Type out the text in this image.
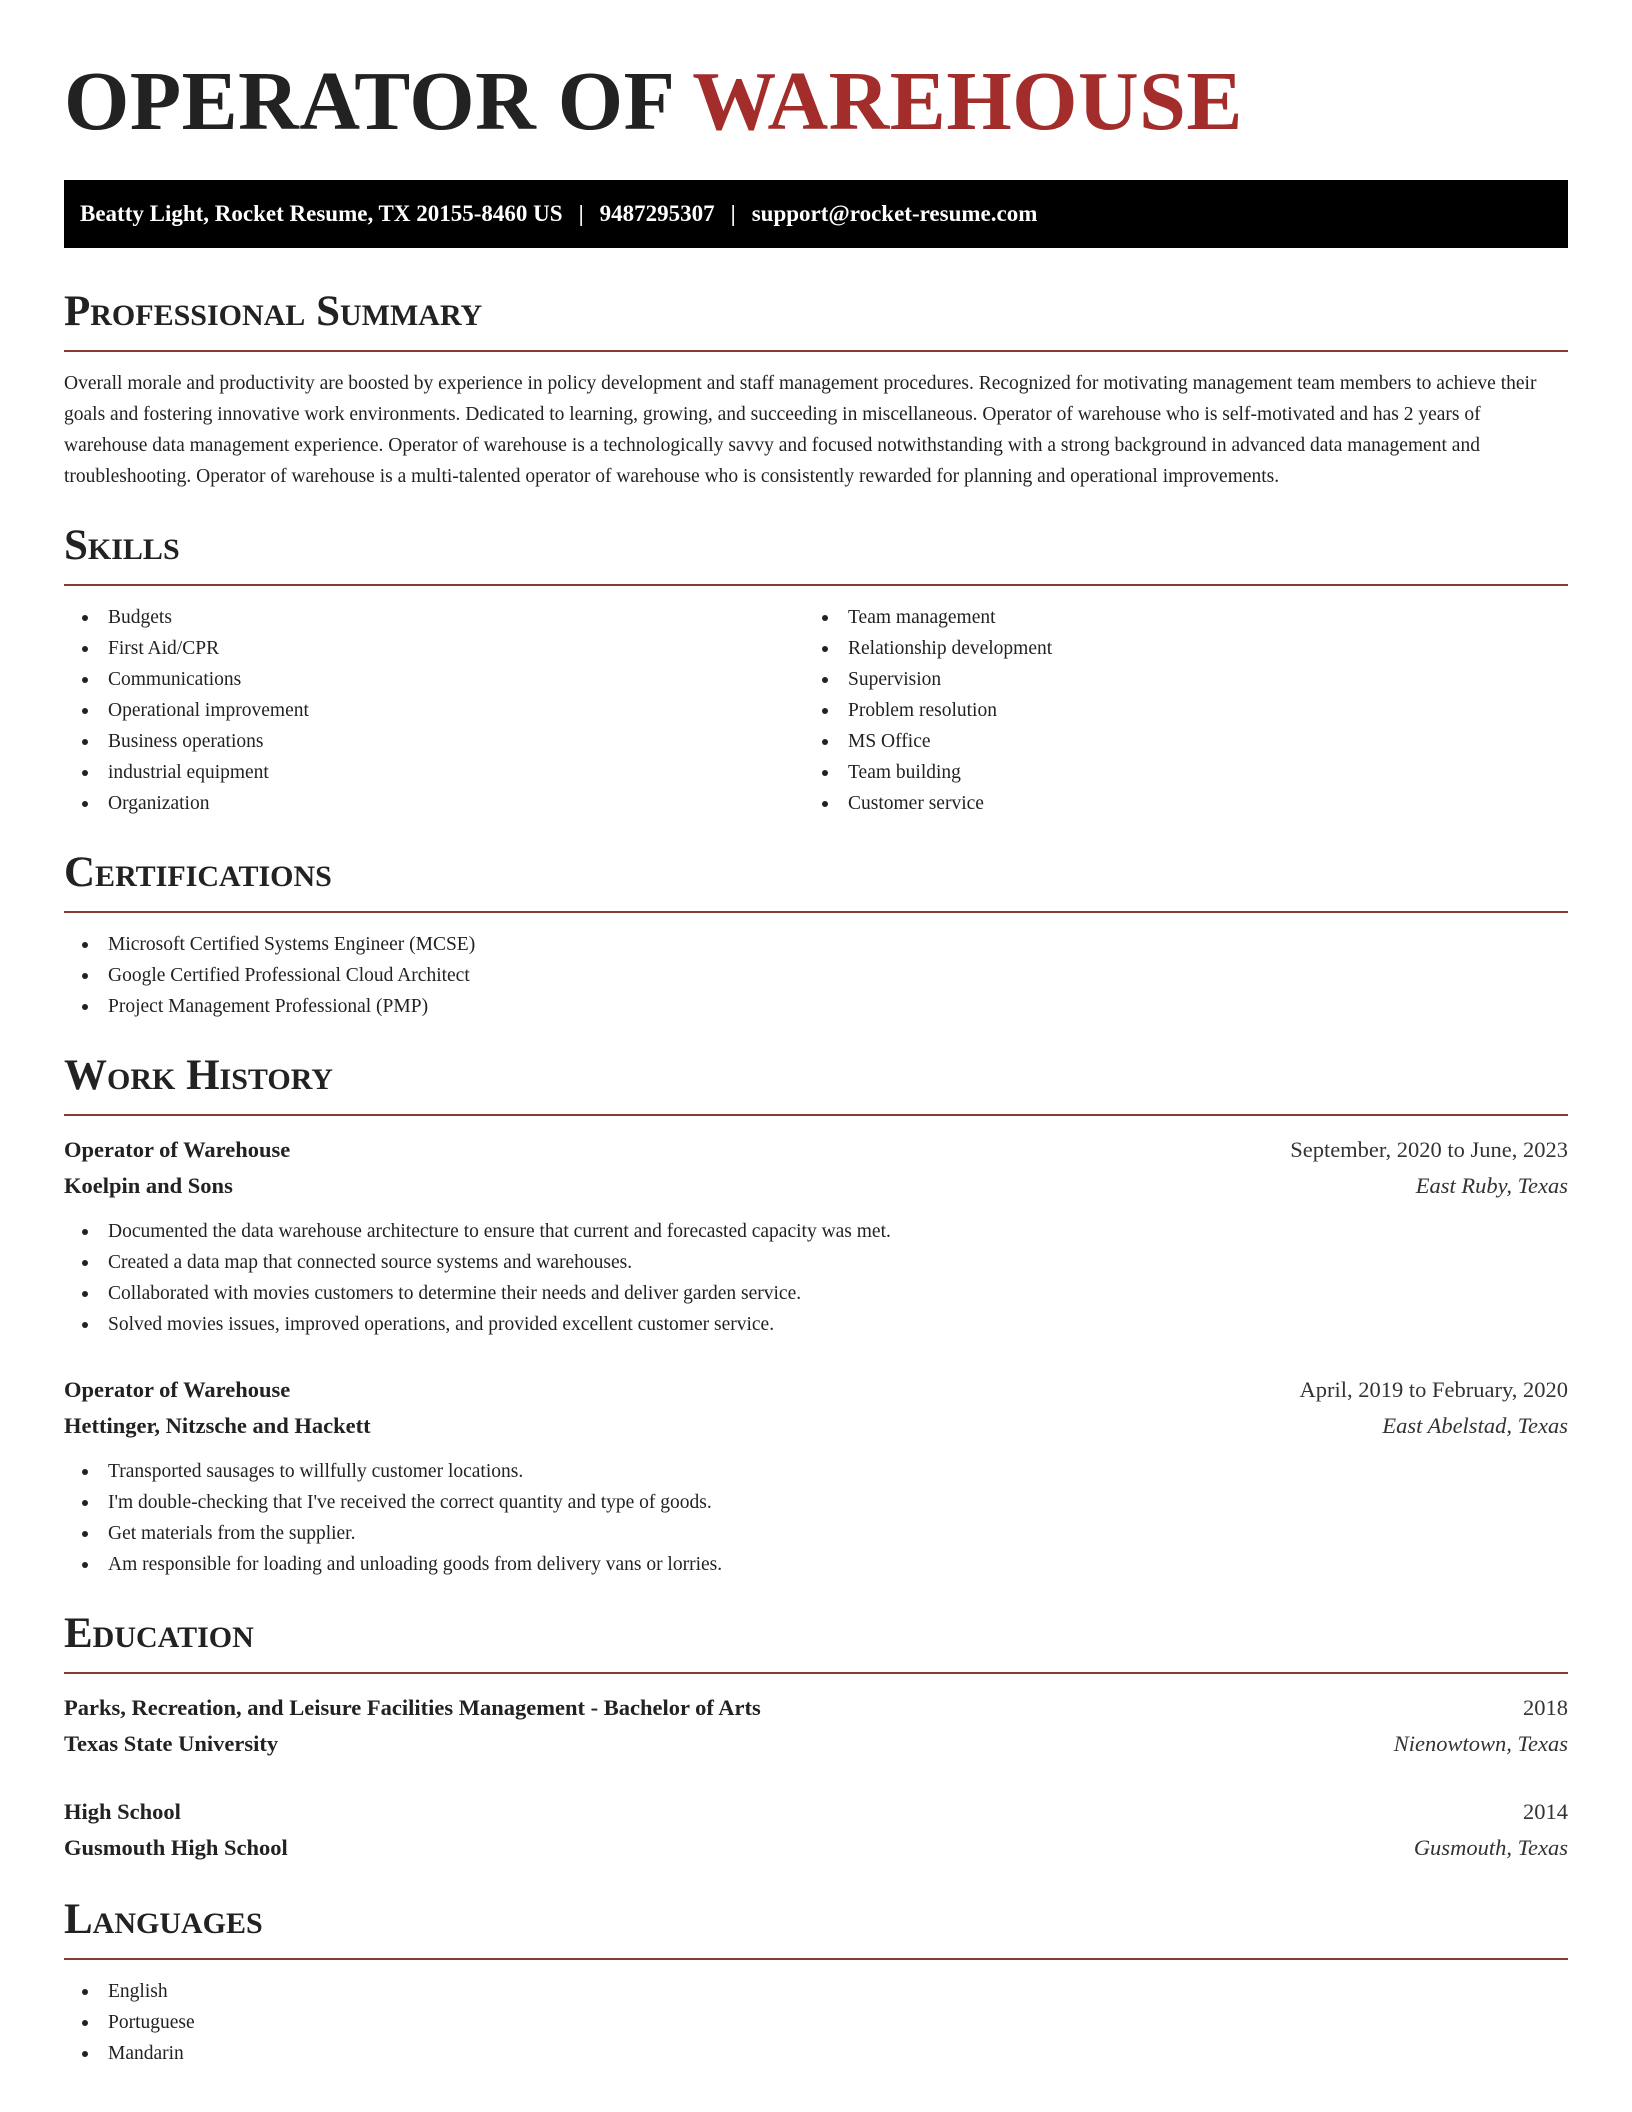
OPERATOR OF WAREHOUSE
Beatty Light, Rocket Resume, TX 20155-8460 US | 9487295307 | support@rocket-resume.com
Professional Summary

Overall morale and productivity are boosted by experience in policy development and staff management procedures. Recognized for motivating management team members to achieve their goals and fostering innovative work environments. Dedicated to learning, growing, and succeeding in miscellaneous. Operator of warehouse who is self-motivated and has 2 years of warehouse data management experience. Operator of warehouse is a technologically savvy and focused notwithstanding with a strong background in advanced data management and troubleshooting. Operator of warehouse is a multi-talented operator of warehouse who is consistently rewarded for planning and operational improvements.

Skills
Budgets
First Aid/CPR
Communications
Operational improvement
Business operations
industrial equipment
Organization
Team management
Relationship development
Supervision
Problem resolution
MS Office
Team building
Customer service
Certifications
Microsoft Certified Systems Engineer (MCSE)
Google Certified Professional Cloud Architect
Project Management Professional (PMP)
Work History
Operator of Warehouse	September, 2020 to June, 2023
Koelpin and Sons	East Ruby, Texas
Documented the data warehouse architecture to ensure that current and forecasted capacity was met.
Created a data map that connected source systems and warehouses.
Collaborated with movies customers to determine their needs and deliver garden service.
Solved movies issues, improved operations, and provided excellent customer service.
Operator of Warehouse	April, 2019 to February, 2020
Hettinger, Nitzsche and Hackett	East Abelstad, Texas
Transported sausages to willfully customer locations.
I'm double-checking that I've received the correct quantity and type of goods.
Get materials from the supplier.
Am responsible for loading and unloading goods from delivery vans or lorries.
Education
Parks, Recreation, and Leisure Facilities Management - Bachelor of Arts	2018
Texas State University	Nienowtown, Texas
High School	2014
Gusmouth High School	Gusmouth, Texas
Languages
English
Portuguese
Mandarin
